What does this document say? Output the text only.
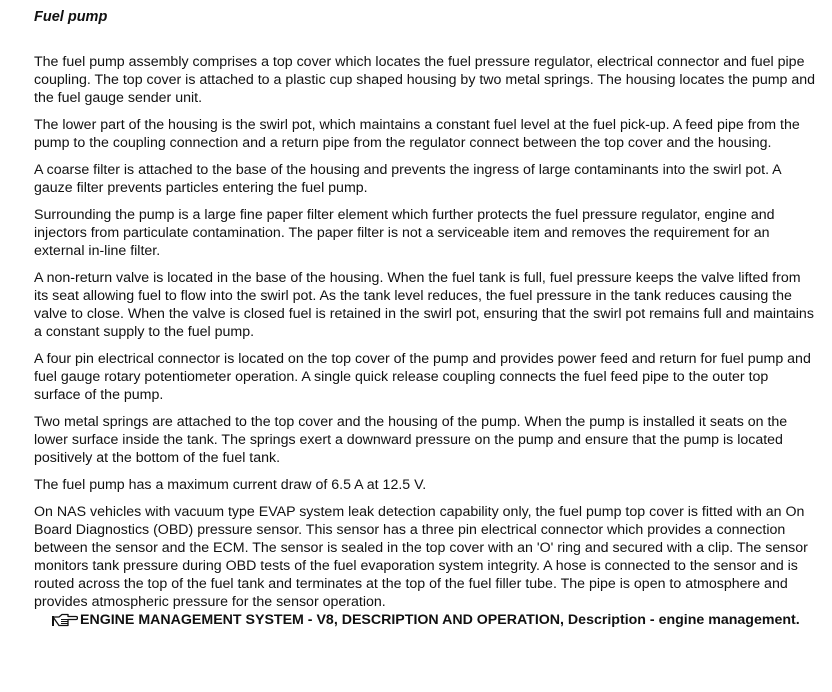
Fuel pump

The fuel pump assembly comprises a top cover which locates the fuel pressure regulator, electrical connector and fuel pipe coupling. The top cover is attached to a plastic cup shaped housing by two metal springs. The housing locates the pump and the fuel gauge sender unit.

The lower part of the housing is the swirl pot, which maintains a constant fuel level at the fuel pick-up. A feed pipe from the pump to the coupling connection and a return pipe from the regulator connect between the top cover and the housing.

A coarse filter is attached to the base of the housing and prevents the ingress of large contaminants into the swirl pot. A gauze filter prevents particles entering the fuel pump.

Surrounding the pump is a large fine paper filter element which further protects the fuel pressure regulator, engine and injectors from particulate contamination. The paper filter is not a serviceable item and removes the requirement for an external in-line filter.

A non-return valve is located in the base of the housing. When the fuel tank is full, fuel pressure keeps the valve lifted from its seat allowing fuel to flow into the swirl pot. As the tank level reduces, the fuel pressure in the tank reduces causing the valve to close. When the valve is closed fuel is retained in the swirl pot, ensuring that the swirl pot remains full and maintains a constant supply to the fuel pump.

A four pin electrical connector is located on the top cover of the pump and provides power feed and return for fuel pump and fuel gauge rotary potentiometer operation. A single quick release coupling connects the fuel feed pipe to the outer top surface of the pump.

Two metal springs are attached to the top cover and the housing of the pump. When the pump is installed it seats on the lower surface inside the tank. The springs exert a downward pressure on the pump and ensure that the pump is located positively at the bottom of the fuel tank.

The fuel pump has a maximum current draw of 6.5 A at 12.5 V.

On NAS vehicles with vacuum type EVAP system leak detection capability only, the fuel pump top cover is fitted with an On Board Diagnostics (OBD) pressure sensor. This sensor has a three pin electrical connector which provides a connection between the sensor and the ECM. The sensor is sealed in the top cover with an 'O' ring and secured with a clip. The sensor monitors tank pressure during OBD tests of the fuel evaporation system integrity. A hose is connected to the sensor and is routed across the top of the fuel tank and terminates at the top of the fuel filler tube. The pipe is open to atmosphere and provides atmospheric pressure for the sensor operation.

ENGINE MANAGEMENT SYSTEM - V8, DESCRIPTION AND OPERATION, Description - engine management.
